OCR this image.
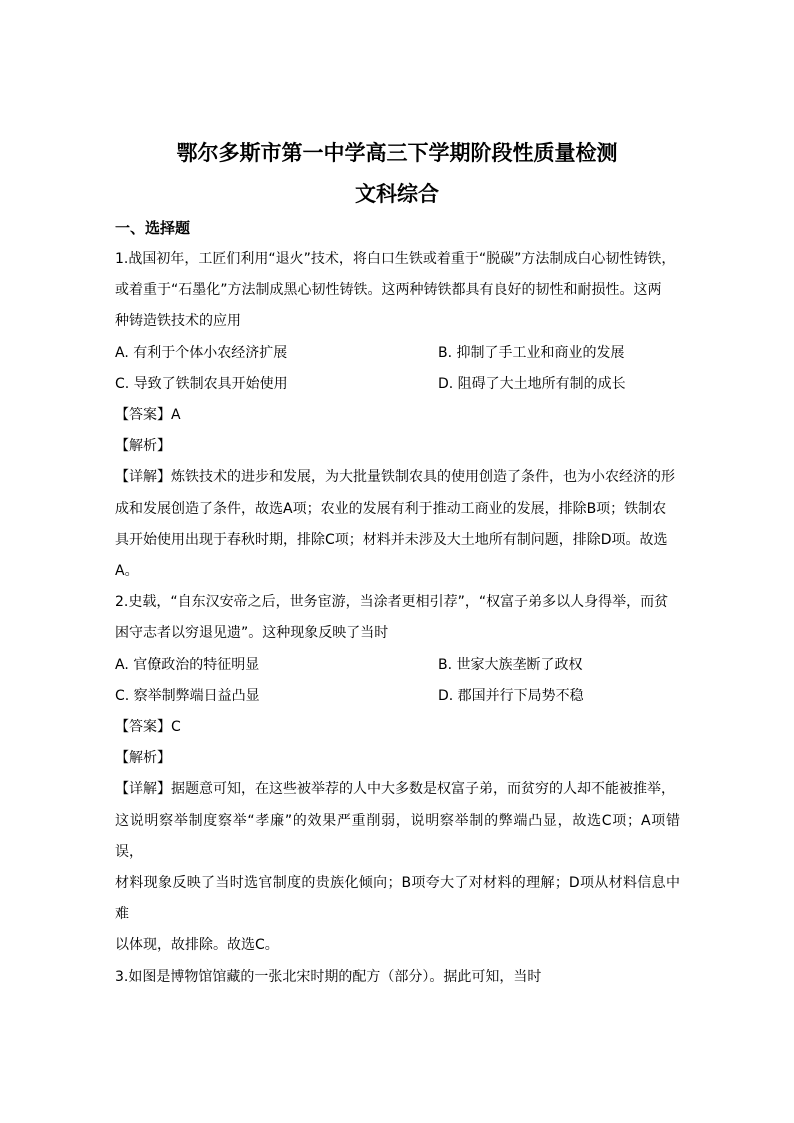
鄂尔多斯市第一中学高三下学期阶段性质量检测
文科综合
一、选择题

1.战国初年，工匠们利用“退火”技术，将白口生铁或着重于“脱碳”方法制成白心韧性铸铁，

或着重于“石墨化”方法制成黑心韧性铸铁。这两种铸铁都具有良好的韧性和耐损性。这两

种铸造铁技术的应用

A. 有利于个体小农经济扩展	B. 抑制了手工业和商业的发展
C. 导致了铁制农具开始使用	D. 阻碍了大土地所有制的成长

【答案】A

【解析】

【详解】炼铁技术的进步和发展，为大批量铁制农具的使用创造了条件，也为小农经济的形

成和发展创造了条件，故选A项；农业的发展有利于推动工商业的发展，排除B项；铁制农

具开始使用出现于春秋时期，排除C项；材料并未涉及大土地所有制问题，排除D项。故选

A。

2.史载，“自东汉安帝之后，世务宦游，当涂者更相引荐”，“权富子弟多以人身得举，而贫

困守志者以穷退见遗”。这种现象反映了当时

A. 官僚政治的特征明显	B. 世家大族垄断了政权
C. 察举制弊端日益凸显	D. 郡国并行下局势不稳

【答案】C

【解析】

【详解】据题意可知，在这些被举荐的人中大多数是权富子弟，而贫穷的人却不能被推举，

这说明察举制度察举“孝廉”的效果严重削弱，说明察举制的弊端凸显，故选C项；A项错误，

材料现象反映了当时选官制度的贵族化倾向；B项夸大了对材料的理解；D项从材料信息中难

以体现，故排除。故选C。

3.如图是博物馆馆藏的一张北宋时期的配方（部分）。据此可知，当时
